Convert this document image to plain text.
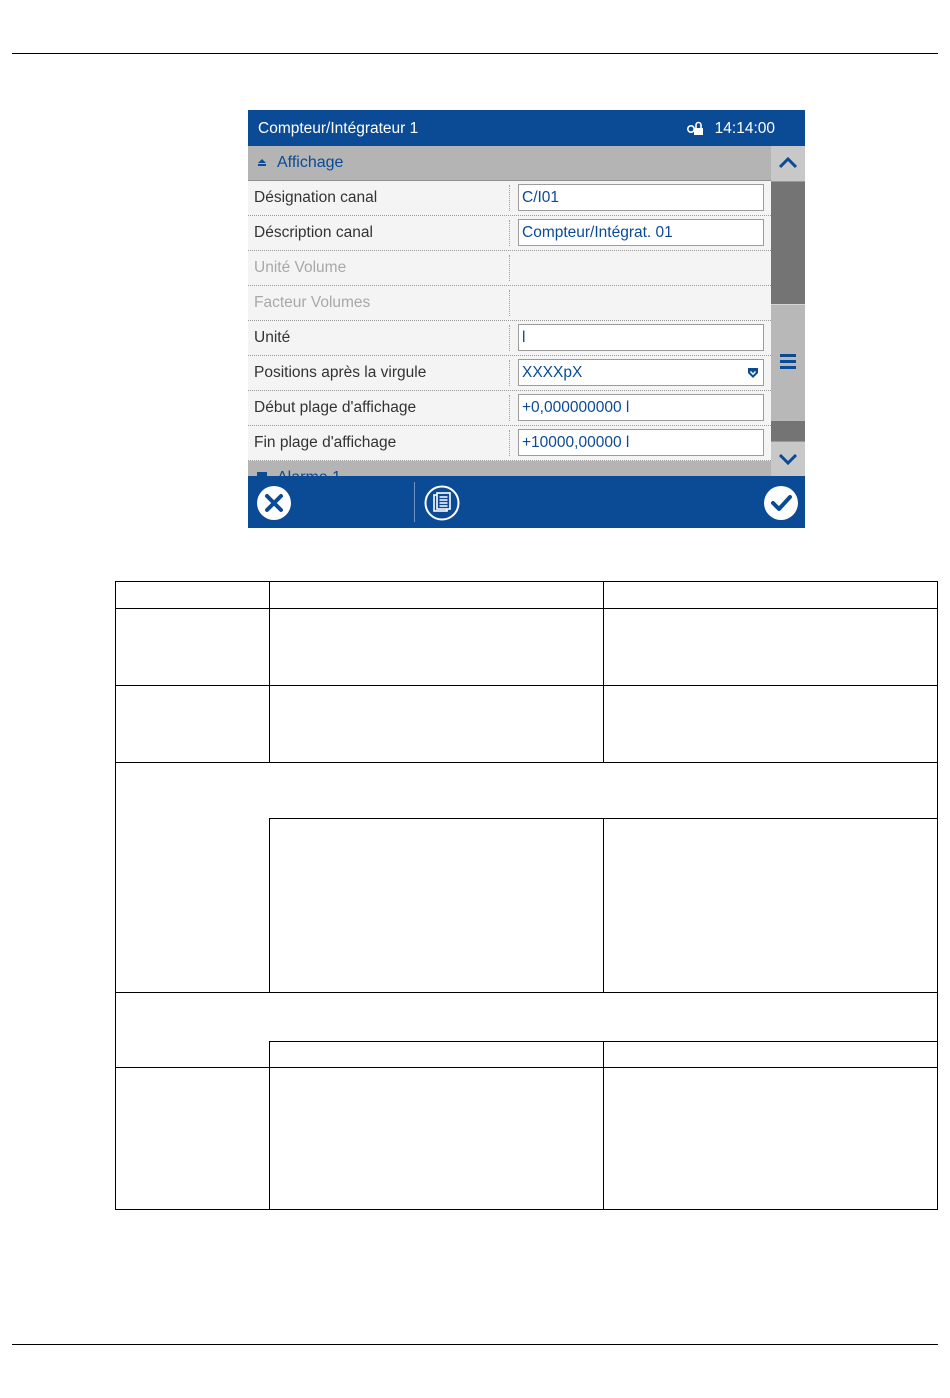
Compteur/Intégrateur 1	14:14:00
Affichage
Désignation canal	C/I01
Déscription canal	Compteur/Intégrat. 01
Unité Volume
Facteur Volumes
Unité	l
Positions après la virgule	XXXXpX
Début plage d'affichage	+0,000000000 l
Fin plage d'affichage	+10000,00000 l
